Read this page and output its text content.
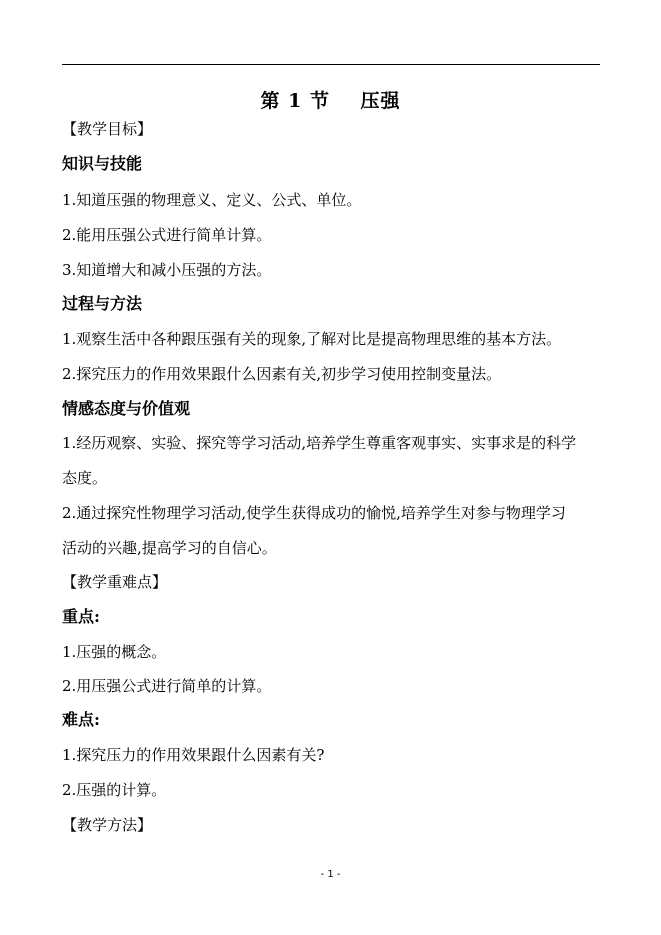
第 1 节    压强
【教学目标】
知识与技能
1.知道压强的物理意义、定义、公式、单位。
2.能用压强公式进行简单计算。
3.知道增大和减小压强的方法。
过程与方法
1.观察生活中各种跟压强有关的现象,了解对比是提高物理思维的基本方法。
2.探究压力的作用效果跟什么因素有关,初步学习使用控制变量法。
情感态度与价值观
1.经历观察、实验、探究等学习活动,培养学生尊重客观事实、实事求是的科学
态度。
2.通过探究性物理学习活动,使学生获得成功的愉悦,培养学生对参与物理学习
活动的兴趣,提高学习的自信心。
【教学重难点】
重点:
1.压强的概念。
2.用压强公式进行简单的计算。
难点:
1.探究压力的作用效果跟什么因素有关?
2.压强的计算。
【教学方法】
- 1 -
